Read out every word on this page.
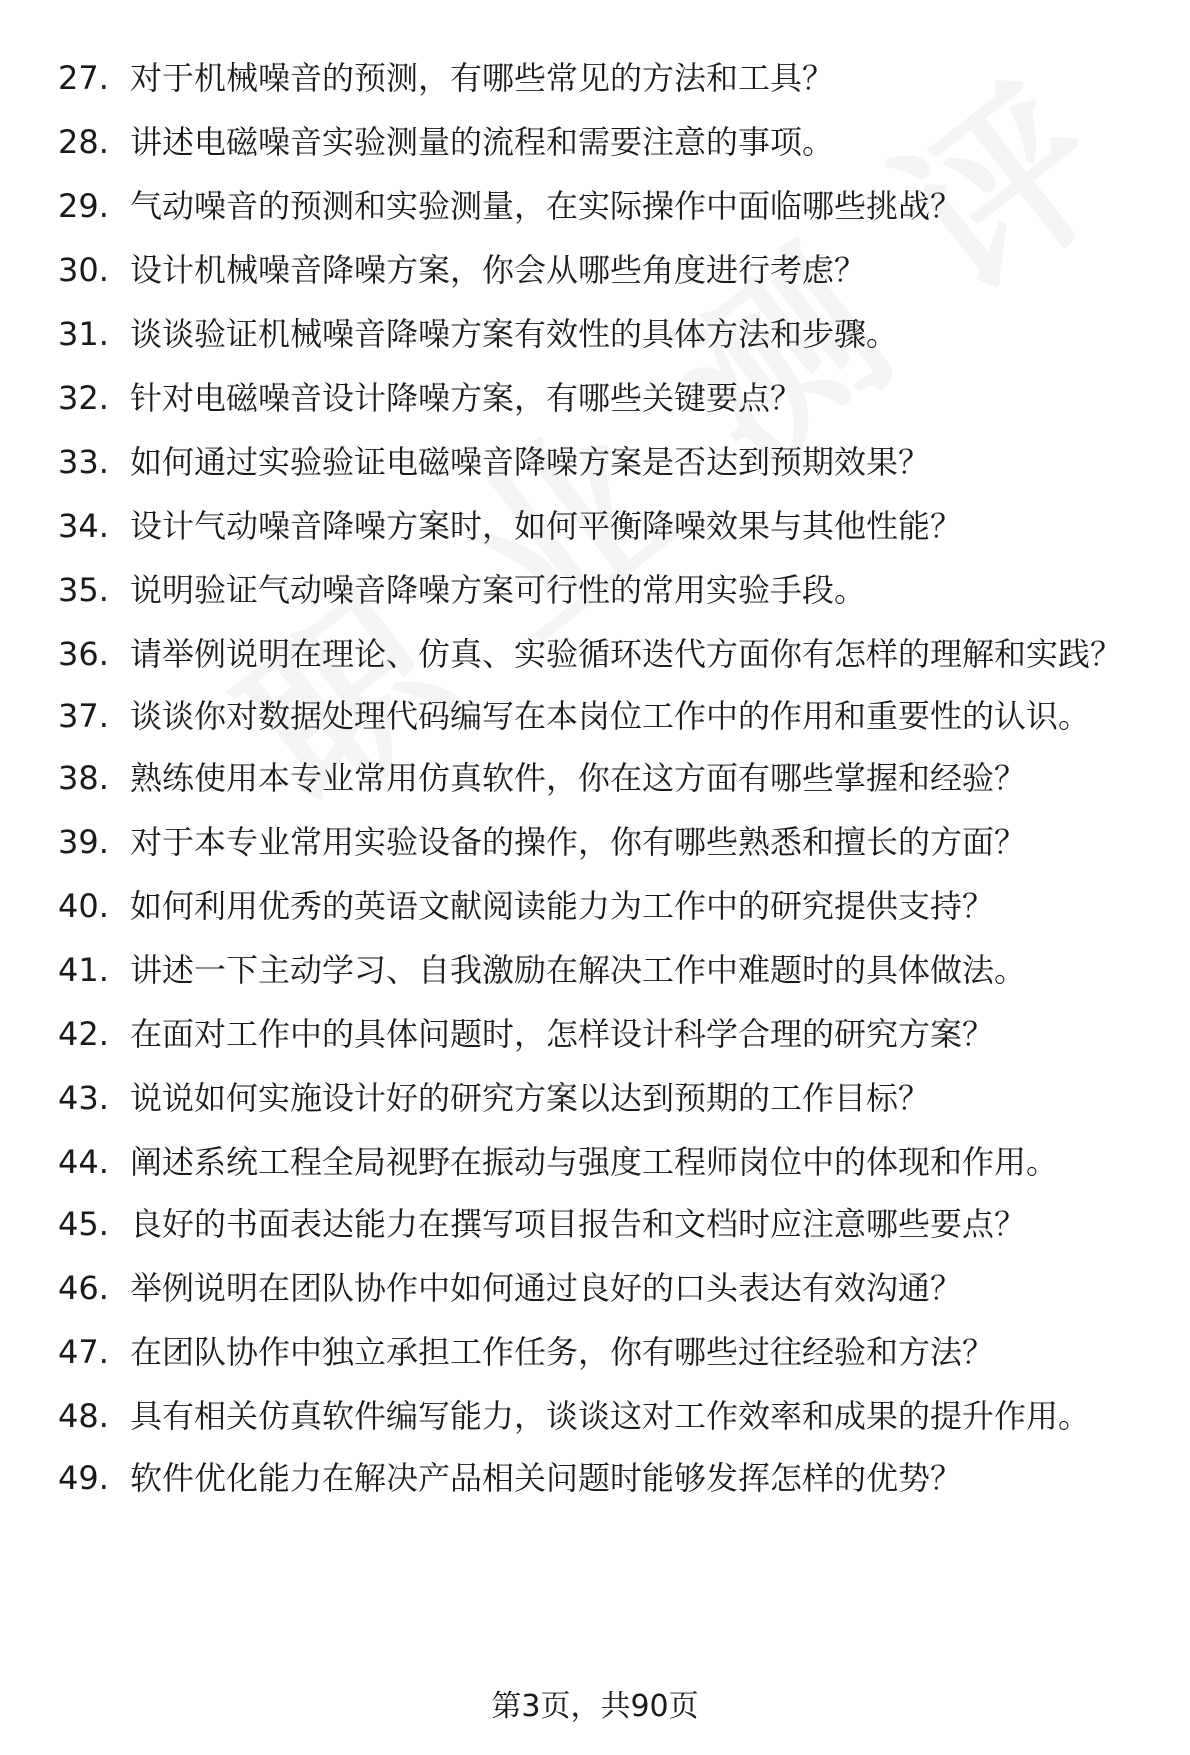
27. 对于机械噪音的预测，有哪些常见的方法和工具？
28. 讲述电磁噪音实验测量的流程和需要注意的事项。
29. 气动噪音的预测和实验测量，在实际操作中面临哪些挑战？
30. 设计机械噪音降噪方案，你会从哪些角度进行考虑？
31. 谈谈验证机械噪音降噪方案有效性的具体方法和步骤。
32. 针对电磁噪音设计降噪方案，有哪些关键要点？
33. 如何通过实验验证电磁噪音降噪方案是否达到预期效果？
34. 设计气动噪音降噪方案时，如何平衡降噪效果与其他性能？
35. 说明验证气动噪音降噪方案可行性的常用实验手段。
36. 请举例说明在理论、仿真、实验循环迭代方面你有怎样的理解和实践？
37. 谈谈你对数据处理代码编写在本岗位工作中的作用和重要性的认识。
38. 熟练使用本专业常用仿真软件，你在这方面有哪些掌握和经验？
39. 对于本专业常用实验设备的操作，你有哪些熟悉和擅长的方面？
40. 如何利用优秀的英语文献阅读能力为工作中的研究提供支持？
41. 讲述一下主动学习、自我激励在解决工作中难题时的具体做法。
42. 在面对工作中的具体问题时，怎样设计科学合理的研究方案？
43. 说说如何实施设计好的研究方案以达到预期的工作目标？
44. 阐述系统工程全局视野在振动与强度工程师岗位中的体现和作用。
45. 良好的书面表达能力在撰写项目报告和文档时应注意哪些要点？
46. 举例说明在团队协作中如何通过良好的口头表达有效沟通？
47. 在团队协作中独立承担工作任务，你有哪些过往经验和方法？
48. 具有相关仿真软件编写能力，谈谈这对工作效率和成果的提升作用。
49. 软件优化能力在解决产品相关问题时能够发挥怎样的优势？
第3页，共90页
